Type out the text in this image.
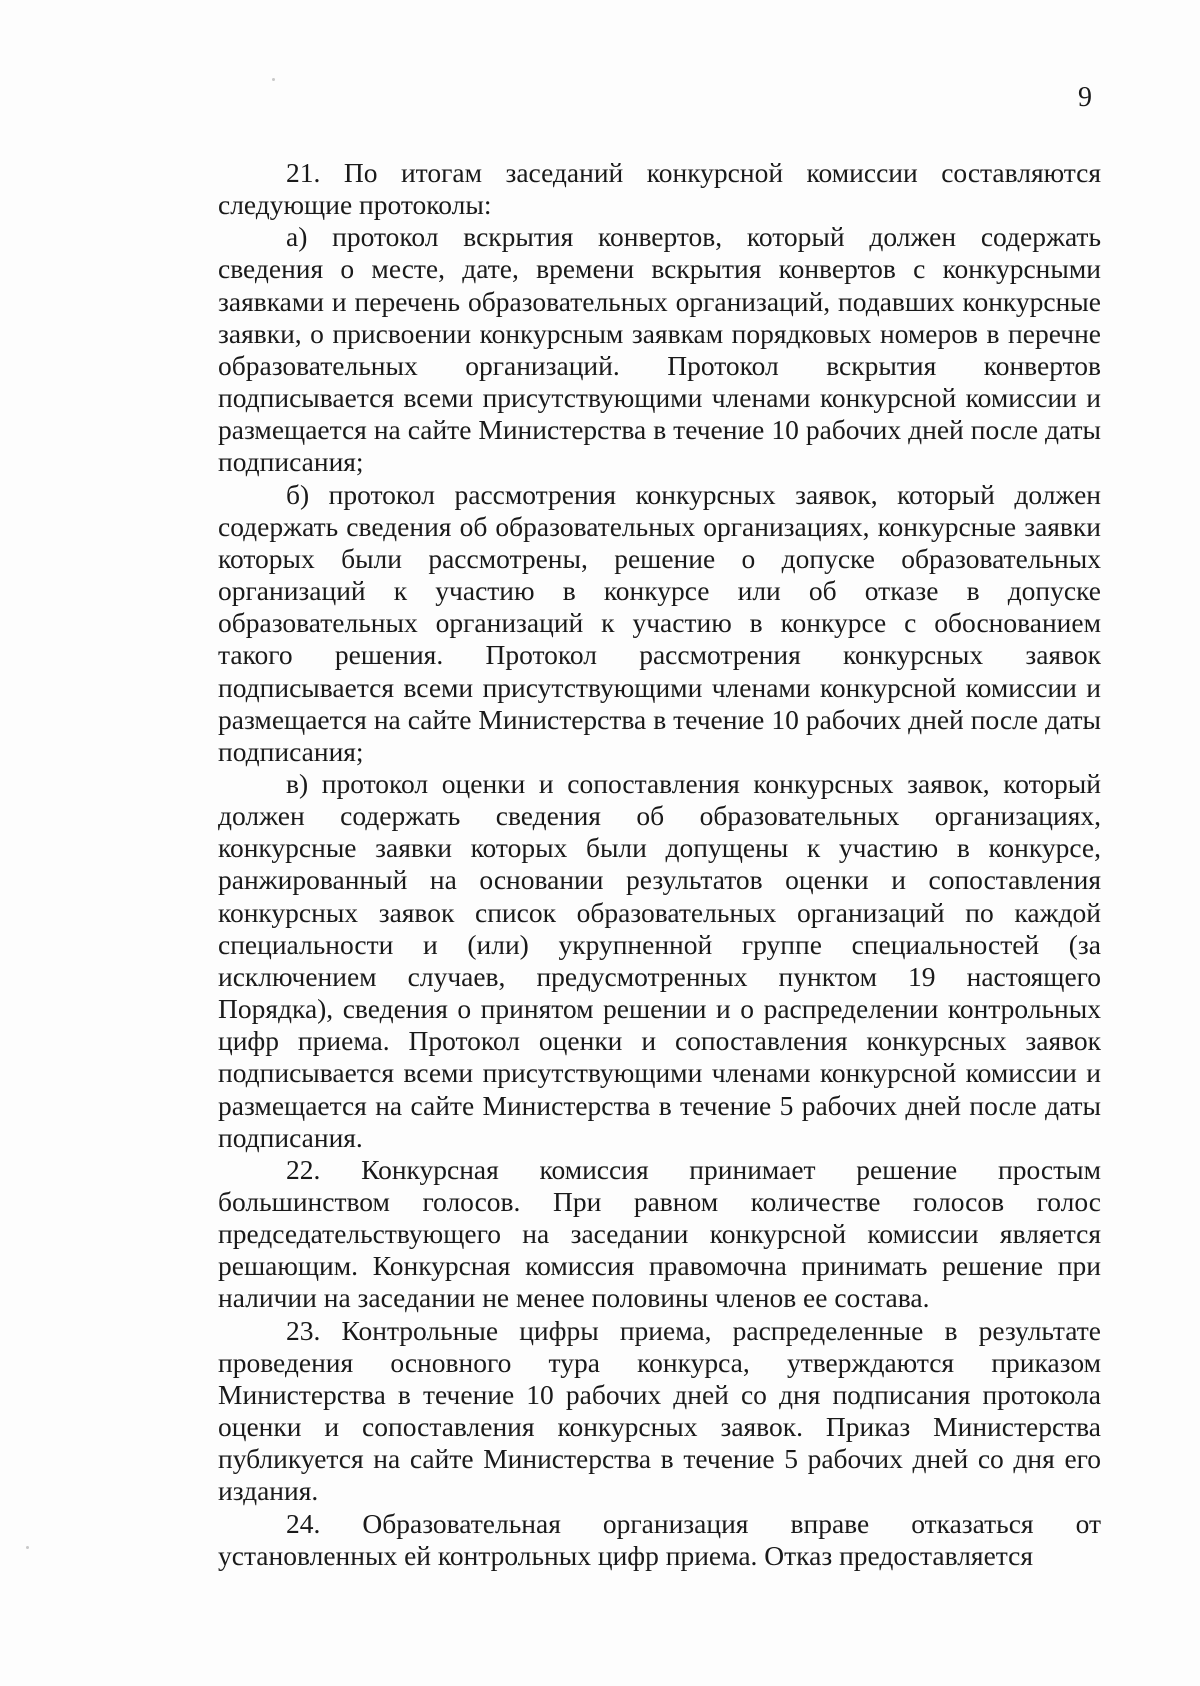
9

21. По итогам заседаний конкурсной комиссии составляются следующие протоколы:

а) протокол вскрытия конвертов, который должен содержать сведения о месте, дате, времени вскрытия конвертов с конкурсными заявками и перечень образовательных организаций, подавших конкурсные заявки, о присвоении конкурсным заявкам порядковых номеров в перечне образовательных организаций. Протокол вскрытия конвертов подписывается всеми присутствующими членами конкурсной комиссии и размещается на сайте Министерства в течение 10 рабочих дней после даты подписания;

б) протокол рассмотрения конкурсных заявок, который должен содержать сведения об образовательных организациях, конкурсные заявки которых были рассмотрены, решение о допуске образовательных организаций к участию в конкурсе или об отказе в допуске образовательных организаций к участию в конкурсе с обоснованием такого решения. Протокол рассмотрения конкурсных заявок подписывается всеми присутствующими членами конкурсной комиссии и размещается на сайте Министерства в течение 10 рабочих дней после даты подписания;

в) протокол оценки и сопоставления конкурсных заявок, который должен содержать сведения об образовательных организациях, конкурсные заявки которых были допущены к участию в конкурсе, ранжированный на основании результатов оценки и сопоставления конкурсных заявок список образовательных организаций по каждой специальности и (или) укрупненной группе специальностей (за исключением случаев, предусмотренных пунктом 19 настоящего Порядка), сведения о принятом решении и о распределении контрольных цифр приема. Протокол оценки и сопоставления конкурсных заявок подписывается всеми присутствующими членами конкурсной комиссии и размещается на сайте Министерства в течение 5 рабочих дней после даты подписания.

22. Конкурсная комиссия принимает решение простым большинством голосов. При равном количестве голосов голос председательствующего на заседании конкурсной комиссии является решающим. Конкурсная комиссия правомочна принимать решение при наличии на заседании не менее половины членов ее состава.

23. Контрольные цифры приема, распределенные в результате проведения основного тура конкурса, утверждаются приказом Министерства в течение 10 рабочих дней со дня подписания протокола оценки и сопоставления конкурсных заявок. Приказ Министерства публикуется на сайте Министерства в течение 5 рабочих дней со дня его издания.

24. Образовательная организация вправе отказаться от установленных ей контрольных цифр приема. Отказ предоставляется
